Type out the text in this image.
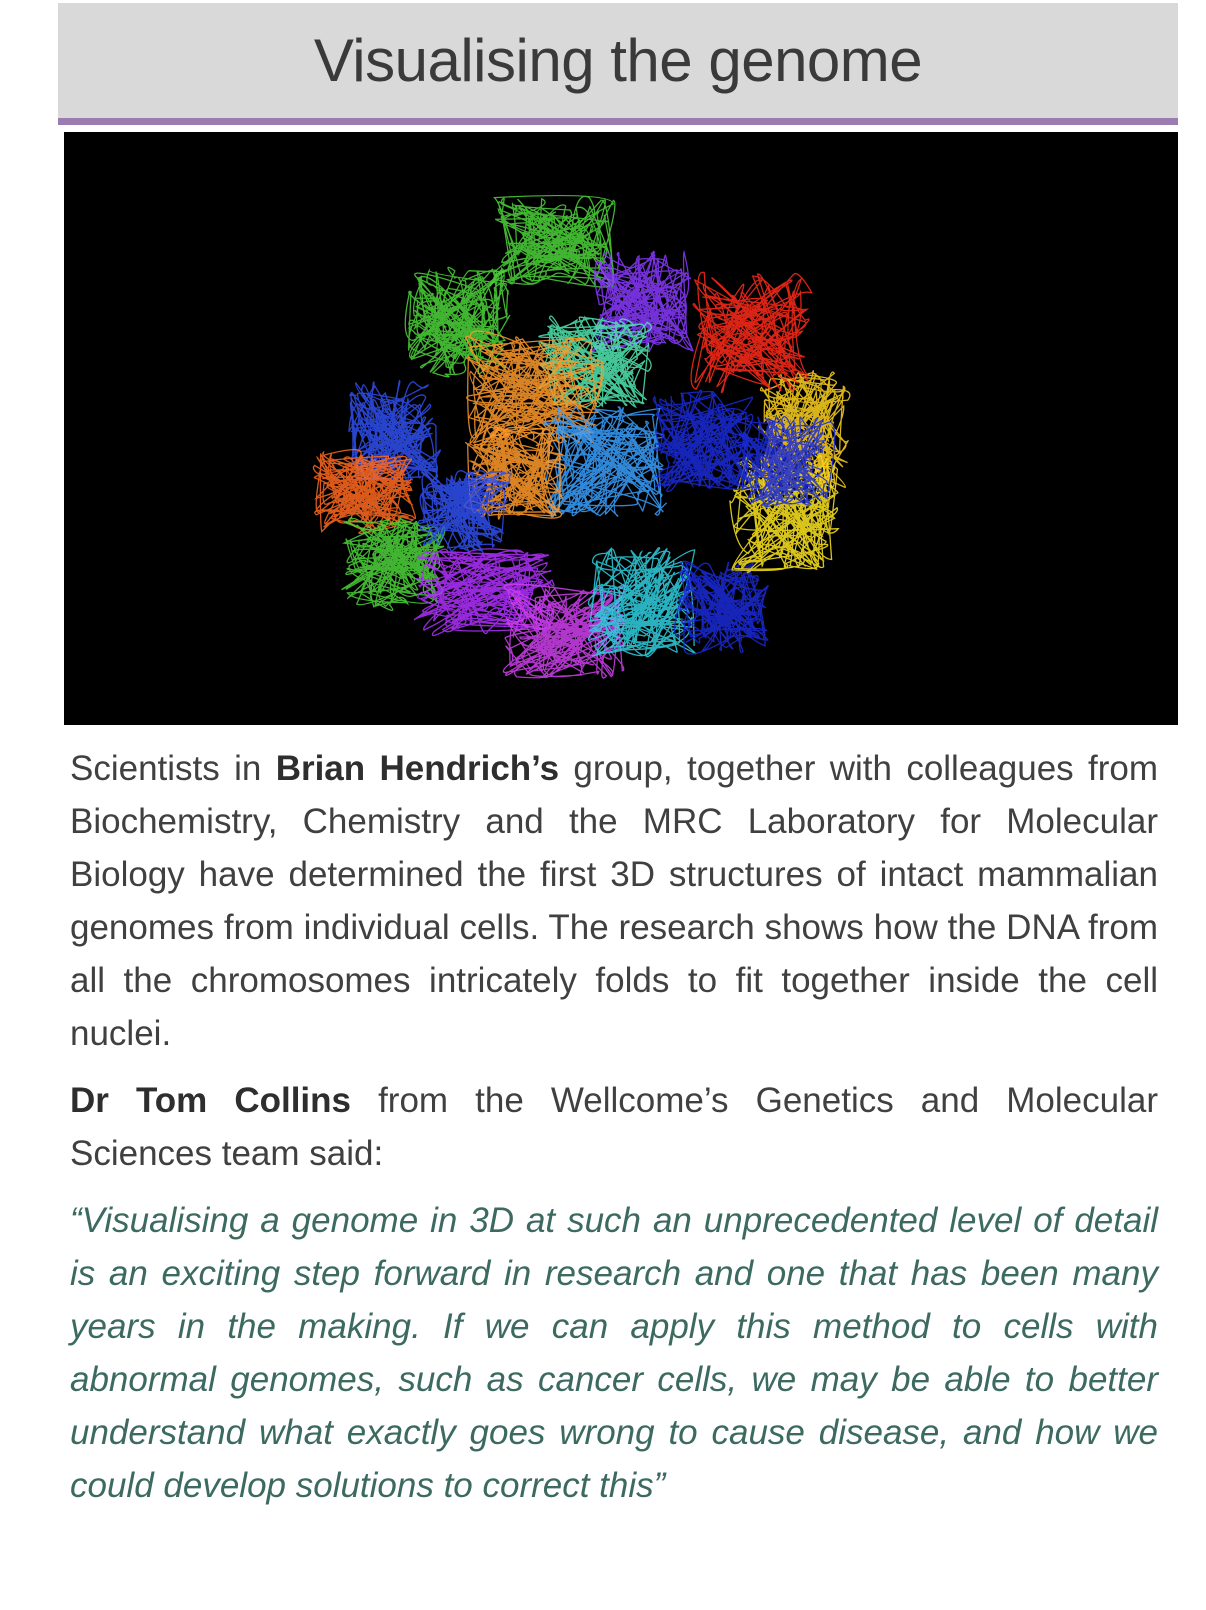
Visualising the genome

Scientists in Brian Hendrich’s group, together with colleagues from Biochemistry, Chemistry and the MRC Laboratory for Molecular Biology have determined the first 3D structures of intact mammalian genomes from individual cells. The research shows how the DNA from all the chromosomes intricately folds to fit together inside the cell nuclei.

Dr Tom Collins from the Wellcome’s Genetics and Molecular Sciences team said:

“Visualising a genome in 3D at such an unprecedented level of detail is an exciting step forward in research and one that has been many years in the making. If we can apply this method to cells with abnormal genomes, such as cancer cells, we may be able to better understand what exactly goes wrong to cause disease, and how we could develop solutions to correct this”
